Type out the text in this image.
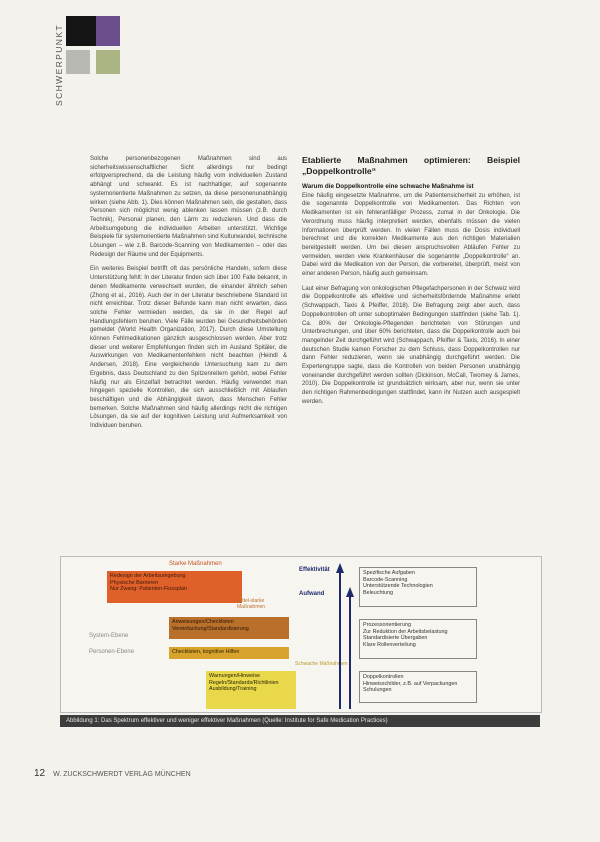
SCHWERPUNKT

Solche personenbezogenen Maßnahmen sind aus sicherheitswissenschaftlicher Sicht allerdings nur bedingt erfolgversprechend, da die Leistung häufig vom individuellen Zustand abhängt und schwankt. Es ist nachhaltiger, auf sogenannte systemorientierte Maßnahmen zu setzen, da diese personenunabhängig wirken (siehe Abb. 1). Dies können Maßnahmen sein, die gestalten, dass Personen sich möglichst wenig ablenken lassen müssen (z.B. durch Technik), Personal planen, den Lärm zu reduzieren. Und dass die Arbeitsumgebung die individuellen Arbeiten unterstützt. Wichtige Beispiele für systemorientierte Maßnahmen sind Kulturwandel, technische Lösungen – wie z.B. Barcode-Scanning von Medikamenten – oder das Redesign der Räume und der Equipments.

Ein weiteres Beispiel betrifft oft das persönliche Handeln, sofern diese Unterstützung fehlt: In der Literatur finden sich über 100 Falle bekannt, in denen Medikamente verwechselt wurden, die einander ähnlich sehen (Zhong et al., 2016). Auch der in der Literatur beschriebene Standard ist nicht erreichbar. Trotz dieser Befunde kann man nicht erwarten, dass solche Fehler vermieden werden, da sie in der Regel auf Handlungsfehlern beruhen. Viele Fälle wurden bei Gesundheitsbehörden gemeldet (World Health Organization, 2017). Durch diese Umstellung können Fehlmedikationen gänzlich ausgeschlossen werden. Aber trotz dieser und weiterer Empfehlungen finden sich im Ausland Spitäler, die Auswirkungen von Medikamentenfehlern nicht beachten (Heindl & Andersen, 2018). Eine vergleichende Untersuchung kam zu dem Ergebnis, dass Deutschland zu den Spitzenreitern gehört, wobei Fehler häufig nur als Einzelfall betrachtet werden. Häufig verwendet man hingegen spezielle Kontrollen, die sich ausschließlich mit Ablaufen beschäftigen und die Abhängigkeit davon, dass Menschen Fehler bemerken. Solche Maßnahmen sind häufig allerdings nicht die richtigen Lösungen, da sie auf der kognitiven Leistung und Aufmerksamkeit von Individuen beruhen.

Etablierte Maßnahmen optimieren: Beispiel „Doppelkontrolle“

Warum die Doppelkontrolle eine schwache Maßnahme ist
Eine häufig eingesetzte Maßnahme, um die Patientensicherheit zu erhöhen, ist die sogenannte Doppelkontrolle von Medikamenten. Das Richten von Medikamenten ist ein fehleranfälliger Prozess, zumal in der Onkologie. Die Verordnung muss häufig interpretiert werden, ebenfalls müssen die vielen Informationen überprüft werden. In vielen Fällen muss die Dosis individuell berechnet und die korrekten Medikamente aus den richtigen Materialien bereitgestellt werden. Um bei diesen anspruchsvollen Abläufen Fehler zu vermeiden, werden viele Krankenhäuser die sogenannte „Doppelkontrolle“ an. Dabei wird die Medikation von der Person, die vorbereitet, überprüft, meist von einer anderen Person, häufig auch gemeinsam.

Laut einer Befragung von onkologischen Pflegefachpersonen in der Schweiz wird die Doppelkontrolle als effektive und sicherheitsfördernde Maßnahme erlebt (Schwappach, Taxis & Pfeiffer, 2018). Die Befragung zeigt aber auch, dass Doppelkontrollen oft unter suboptimalen Bedingungen stattfinden (siehe Tab. 1). Ca. 80% der Onkologie-Pflegenden berichteten von Störungen und Unterbrechungen, und über 60% berichteten, dass die Doppelkontrolle auch bei mangelnder Zeit durchgeführt wird (Schwappach, Pfeiffer & Taxis, 2016). In einer deutschen Studie kamen Forscher zu dem Schluss, dass Doppelkontrollen nur dann Fehler reduzieren, wenn sie unabhängig durchgeführt werden. Die Expertengruppe sagte, dass die Kontrollen von beiden Personen unabhängig voneinander durchgeführt werden sollten (Dickinson, McCall, Twomey & James, 2010). Die Doppelkontrolle ist grundsätzlich wirksam, aber nur, wenn sie unter den richtigen Rahmenbedingungen stattfindet, kann ihr Nutzen auch ausgespielt werden.

Starke Maßnahmen
Redesign der Arbeitsumgebung
Physische Barrieren
Nur Zwang: Patienten-Flussplan
Mittel-starke Maßnahmen
Anweisungen/Checklisten
Vereinfachung/Standardisierung
System-Ebene
Personen-Ebene	Checklisten, kognitive Hilfen
Schwache Maßnahmen
Warnungen/Hinweise
Regeln/Standards/Richtlinien
Ausbildung/Training
Effektivität
Aufwand
Spezifische Aufgaben
Barcode-Scanning
Unterstützende Technologien
Beleuchtung
Prozessorientierung
Zur Reduktion der Arbeitsbelastung
Standardisierte Übergaben
Klare Rollenverteilung
Doppelkontrollen
Hinweisschilder, z.B. auf Verpackungen
Schulungen
Abbildung 1: Das Spektrum effektiver und weniger effektiver Maßnahmen (Quelle: Institute for Safe Medication Practices)
12 W. ZUCKSCHWERDT VERLAG MÜNCHEN
